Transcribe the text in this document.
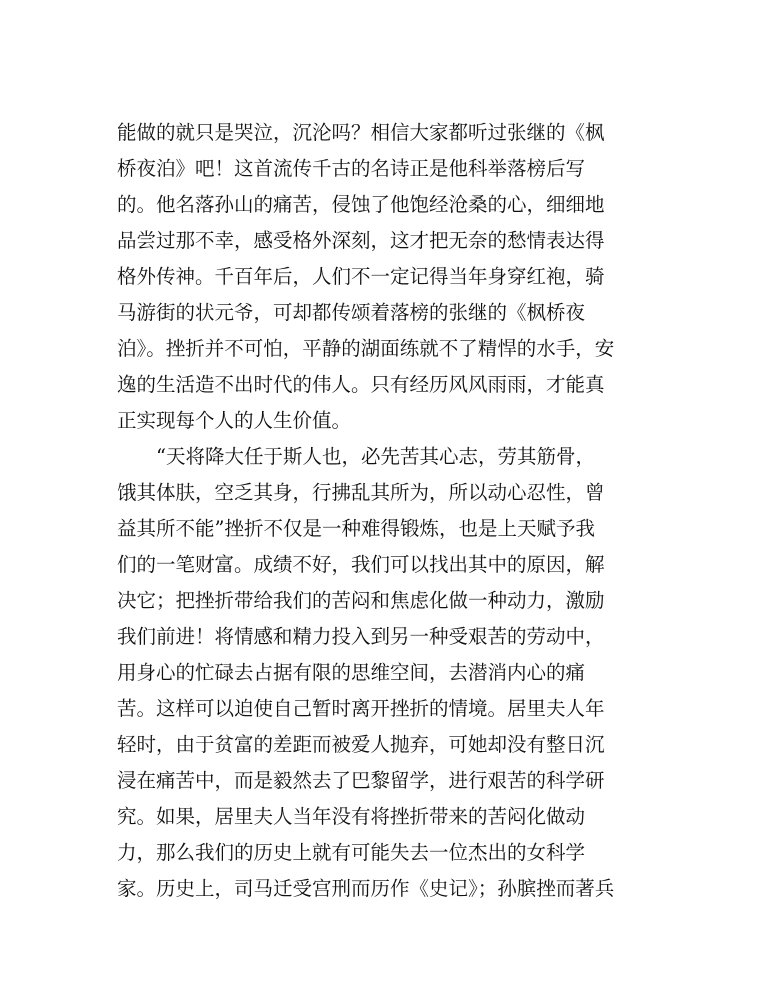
能做的就只是哭泣，沉沦吗？相信大家都听过张继的《枫
桥夜泊》吧！这首流传千古的名诗正是他科举落榜后写
的。他名落孙山的痛苦，侵蚀了他饱经沧桑的心，细细地
品尝过那不幸，感受格外深刻，这才把无奈的愁情表达得
格外传神。千百年后，人们不一定记得当年身穿红袍，骑
马游街的状元爷，可却都传颂着落榜的张继的《枫桥夜
泊》。挫折并不可怕，平静的湖面练就不了精悍的水手，安
逸的生活造不出时代的伟人。只有经历风风雨雨，才能真
正实现每个人的人生价值。
“天将降大任于斯人也，必先苦其心志，劳其筋骨，
饿其体肤，空乏其身，行拂乱其所为，所以动心忍性，曾
益其所不能”挫折不仅是一种难得锻炼，也是上天赋予我
们的一笔财富。成绩不好，我们可以找出其中的原因，解
决它；把挫折带给我们的苦闷和焦虑化做一种动力，激励
我们前进！将情感和精力投入到另一种受艰苦的劳动中，
用身心的忙碌去占据有限的思维空间，去潜消内心的痛
苦。这样可以迫使自己暂时离开挫折的情境。居里夫人年
轻时，由于贫富的差距而被爱人抛弃，可她却没有整日沉
浸在痛苦中，而是毅然去了巴黎留学，进行艰苦的科学研
究。如果，居里夫人当年没有将挫折带来的苦闷化做动
力，那么我们的历史上就有可能失去一位杰出的女科学
家。历史上，司马迁受宫刑而历作《史记》；孙膑挫而著兵
